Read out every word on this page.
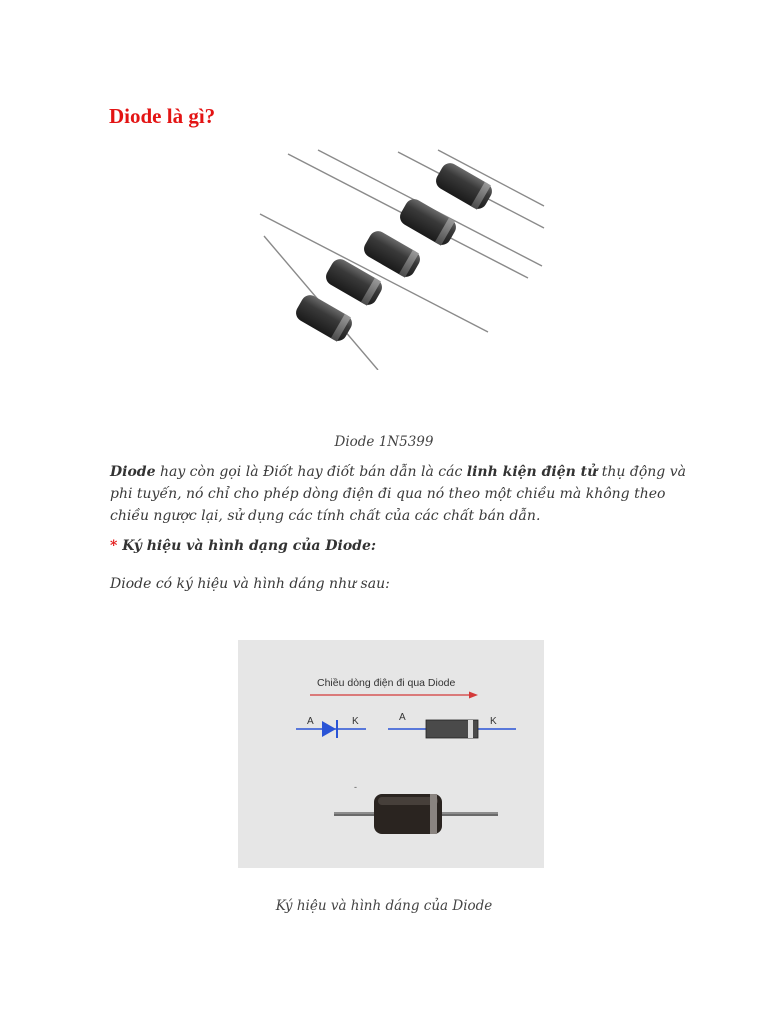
Diode là gì?
Diode 1N5399

Diode hay còn gọi là Điốt hay điốt bán dẫn là các linh kiện điện tử thụ động và phi tuyến, nó chỉ cho phép dòng điện đi qua nó theo một chiều mà không theo chiều ngược lại, sử dụng các tính chất của các chất bán dẫn.

* Ký hiệu và hình dạng của Diode:

Diode có ký hiệu và hình dáng như sau:

Chiều dòng điện đi qua Diode
A	K	A	K
-
Ký hiệu và hình dáng của Diode
